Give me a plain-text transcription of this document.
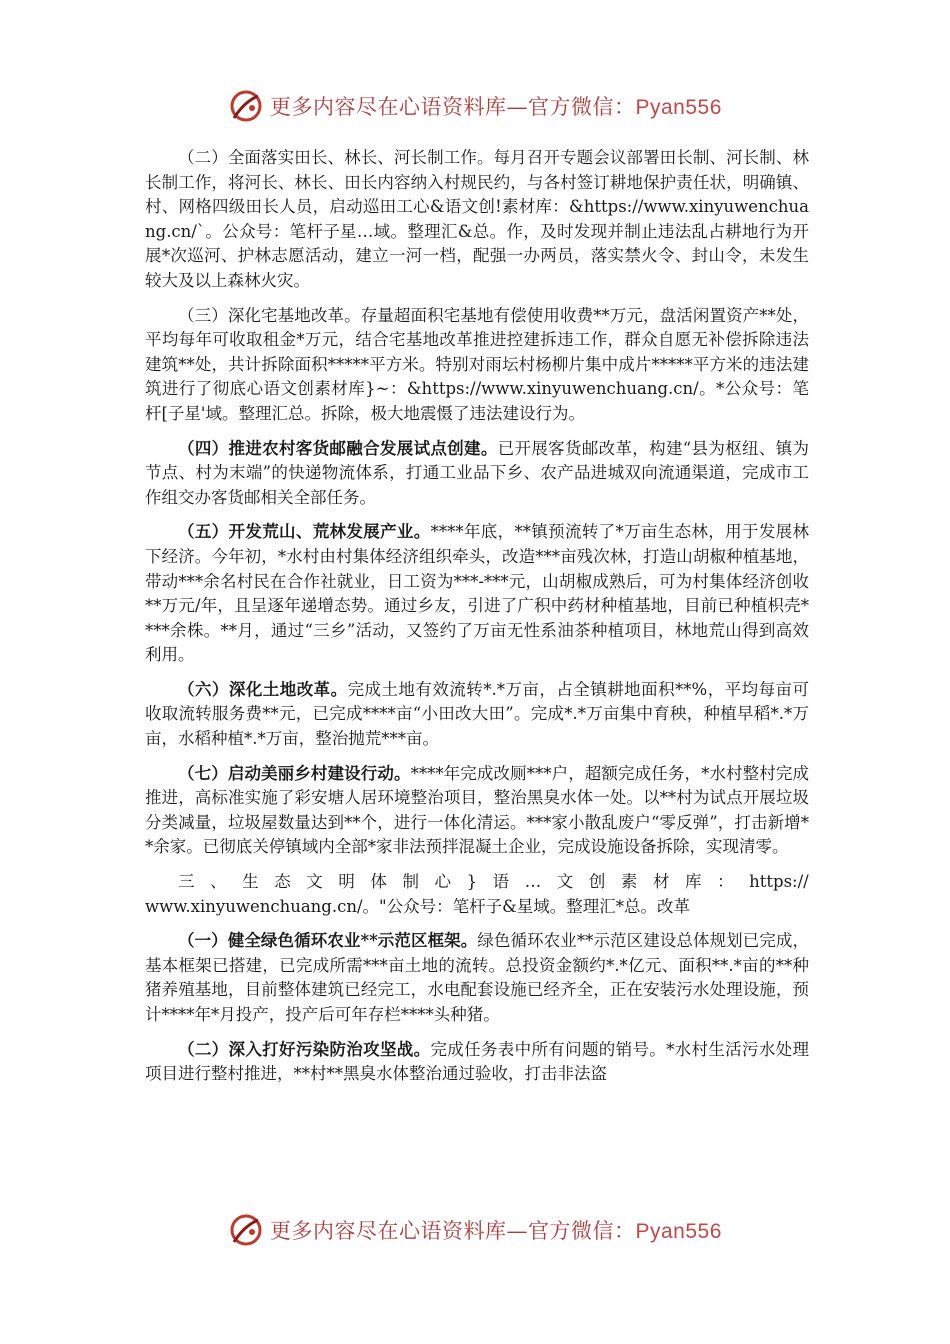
更多内容尽在心语资料库—官方微信：Pyan556

（二）全面落实田长、林长、河长制工作。每月召开专题会议部署田长制、河长制、林长制工作，将河长、林长、田长内容纳入村规民约，与各村签订耕地保护责任状，明确镇、村、网格四级田长人员，启动巡田工心&语文创!素材库：&https://www.xinyuwenchuang.cn/`。公众号：笔杆子星…域。整理汇&总。作，及时发现并制止违法乱占耕地行为开展*次巡河、护林志愿活动，建立一河一档，配强一办两员，落实禁火令、封山令，未发生较大及以上森林火灾。

（三）深化宅基地改革。存量超面积宅基地有偿使用收费**万元，盘活闲置资产**处，平均每年可收取租金*万元，结合宅基地改革推进控建拆违工作，群众自愿无补偿拆除违法建筑**处，共计拆除面积*****平方米。特别对雨坛村杨柳片集中成片*****平方米的违法建筑进行了彻底心语文创素材库}~：&https://www.xinyuwenchuang.cn/。*公众号：笔杆[子星'域。整理汇总。拆除，极大地震慑了违法建设行为。

（四）推进农村客货邮融合发展试点创建。已开展客货邮改革，构建“县为枢纽、镇为节点、村为末端”的快递物流体系，打通工业品下乡、农产品进城双向流通渠道，完成市工作组交办客货邮相关全部任务。

（五）开发荒山、荒林发展产业。****年底，**镇预流转了*万亩生态林，用于发展林下经济。今年初，*水村由村集体经济组织牵头，改造***亩残次林，打造山胡椒种植基地，带动***余名村民在合作社就业，日工资为***-***元，山胡椒成熟后，可为村集体经济创收**万元/年，且呈逐年递增态势。通过乡友，引进了广积中药材种植基地，目前已种植枳壳****余株。**月，通过“三乡”活动，又签约了万亩无性系油茶种植项目，林地荒山得到高效利用。

（六）深化土地改革。完成土地有效流转*.*万亩，占全镇耕地面积**%，平均每亩可收取流转服务费**元，已完成****亩“小田改大田”。完成*.*万亩集中育秧，种植早稻*.*万亩，水稻种植*.*万亩，整治抛荒***亩。

（七）启动美丽乡村建设行动。****年完成改厕***户，超额完成任务，*水村整村完成推进，高标准实施了彩安塘人居环境整治项目，整治黑臭水体一处。以**村为试点开展垃圾分类减量，垃圾屋数量达到**个，进行一体化清运。***家小散乱废户“零反弹”，打击新增**余家。已彻底关停镇域内全部*家非法预拌混凝土企业，完成设施设备拆除，实现清零。

三 、 生 态 文 明 体 制 心 } 语 … 文 创 素 材 库 ： https://
www.xinyuwenchuang.cn/。"公众号：笔杆子&星域。整理汇*总。改革

（一）健全绿色循环农业**示范区框架。绿色循环农业**示范区建设总体规划已完成，基本框架已搭建，已完成所需***亩土地的流转。总投资金额约*.*亿元、面积**.*亩的**种猪养殖基地，目前整体建筑已经完工，水电配套设施已经齐全，正在安装污水处理设施，预计****年*月投产，投产后可年存栏****头种猪。

（二）深入打好污染防治攻坚战。完成任务表中所有问题的销号。*水村生活污水处理项目进行整村推进，**村**黑臭水体整治通过验收，打击非法盗

更多内容尽在心语资料库—官方微信：Pyan556
